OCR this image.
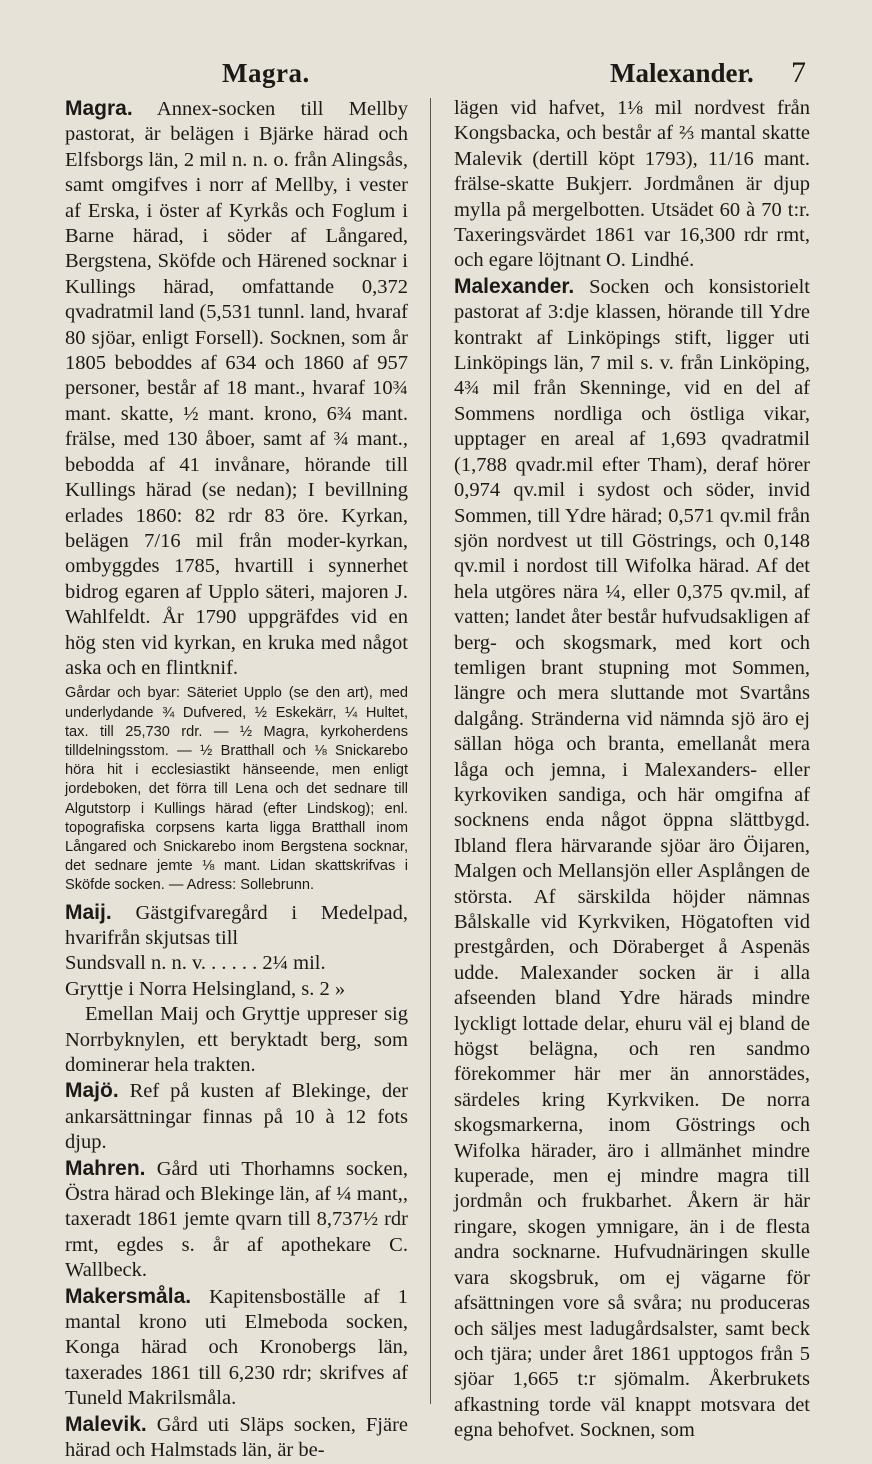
Magra.	Malexander. 7

Magra. Annex-socken till Mellby pastorat, är belägen i Bjärke härad och Elfsborgs län, 2 mil n. n. o. från Alingsås, samt omgifves i norr af Mellby, i vester af Erska, i öster af Kyrkås och Foglum i Barne härad, i söder af Långared, Bergstena, Sköfde och Härened socknar i Kullings härad, omfattande 0,372 qvadratmil land (5,531 tunnl. land, hvaraf 80 sjöar, enligt Forsell). Socknen, som år 1805 beboddes af 634 och 1860 af 957 personer, består af 18 mant., hvaraf 10¾ mant. skatte, ½ mant. krono, 6¾ mant. frälse, med 130 åboer, samt af ¾ mant., bebodda af 41 invånare, hörande till Kullings härad (se nedan); I bevillning erlades 1860: 82 rdr 83 öre. Kyrkan, belägen 7/16 mil från moder-kyrkan, ombyggdes 1785, hvartill i synnerhet bidrog egaren af Upplo säteri, majoren J. Wahlfeldt. År 1790 uppgräfdes vid en hög sten vid kyrkan, en kruka med något aska och en flintknif.

Gårdar och byar: Säteriet Upplo (se den art), med underlydande ¾ Dufvered, ½ Eskekärr, ¼ Hultet, tax. till 25,730 rdr. — ½ Magra, kyrkoherdens tilldelningsstom. — ½ Bratthall och ⅛ Snickarebo höra hit i ecclesiastikt hänseende, men enligt jordeboken, det förra till Lena och det sednare till Algutstorp i Kullings härad (efter Lindskog); enl. topografiska corpsens karta ligga Bratthall inom Långared och Snickarebo inom Bergstena socknar, det sednare jemte ⅛ mant. Lidan skattskrifvas i Sköfde socken. — Adress: Sollebrunn.

Maij. Gästgifvaregård i Medelpad, hvarifrån skjutsas till

Sundsvall n. n. v. . . . . . 2¼ mil.

Gryttje i Norra Helsingland, s. 2 »

Emellan Maij och Gryttje uppreser sig Norrbyknylen, ett beryktadt berg, som dominerar hela trakten.

Majö. Ref på kusten af Blekinge, der ankarsättningar finnas på 10 à 12 fots djup.

Mahren. Gård uti Thorhamns socken, Östra härad och Blekinge län, af ¼ mant,, taxeradt 1861 jemte qvarn till 8,737½ rdr rmt, egdes s. år af apothekare C. Wallbeck.

Makersmåla. Kapitensboställe af 1 mantal krono uti Elmeboda socken, Konga härad och Kronobergs län, taxerades 1861 till 6,230 rdr; skrifves af Tuneld Makrilsmåla.

Malevik. Gård uti Släps socken, Fjäre härad och Halmstads län, är be-

lägen vid hafvet, 1⅛ mil nordvest från Kongsbacka, och består af ⅔ mantal skatte Malevik (dertill köpt 1793), 11/16 mant. frälse-skatte Bukjerr. Jordmånen är djup mylla på mergelbotten. Utsädet 60 à 70 t:r. Taxeringsvärdet 1861 var 16,300 rdr rmt, och egare löjtnant O. Lindhé.

Malexander. Socken och konsistorielt pastorat af 3:dje klassen, hörande till Ydre kontrakt af Linköpings stift, ligger uti Linköpings län, 7 mil s. v. från Linköping, 4¾ mil från Skenninge, vid en del af Sommens nordliga och östliga vikar, upptager en areal af 1,693 qvadratmil (1,788 qvadr.mil efter Tham), deraf hörer 0,974 qv.mil i sydost och söder, invid Sommen, till Ydre härad; 0,571 qv.mil från sjön nordvest ut till Göstrings, och 0,148 qv.mil i nordost till Wifolka härad. Af det hela utgöres nära ¼, eller 0,375 qv.mil, af vatten; landet åter består hufvudsakligen af berg- och skogsmark, med kort och temligen brant stupning mot Sommen, längre och mera sluttande mot Svartåns dalgång. Stränderna vid nämnda sjö äro ej sällan höga och branta, emellanåt mera låga och jemna, i Malexanders- eller kyrkoviken sandiga, och här omgifna af socknens enda något öppna slättbygd. Ibland flera härvarande sjöar äro Öijaren, Malgen och Mellansjön eller Asplången de största. Af särskilda höjder nämnas Bålskalle vid Kyrkviken, Högatoften vid prestgården, och Döraberget å Aspenäs udde. Malexander socken är i alla afseenden bland Ydre härads mindre lyckligt lottade delar, ehuru väl ej bland de högst belägna, och ren sandmo förekommer här mer än annorstädes, särdeles kring Kyrkviken. De norra skogsmarkerna, inom Göstrings och Wifolka härader, äro i allmänhet mindre kuperade, men ej mindre magra till jordmån och frukbarhet. Åkern är här ringare, skogen ymnigare, än i de flesta andra socknarne. Hufvudnäringen skulle vara skogsbruk, om ej vägarne för afsättningen vore så svåra; nu produceras och säljes mest ladugårdsalster, samt beck och tjära; under året 1861 upptogos från 5 sjöar 1,665 t:r sjömalm. Åkerbrukets afkastning torde väl knappt motsvara det egna behofvet. Socknen, som
